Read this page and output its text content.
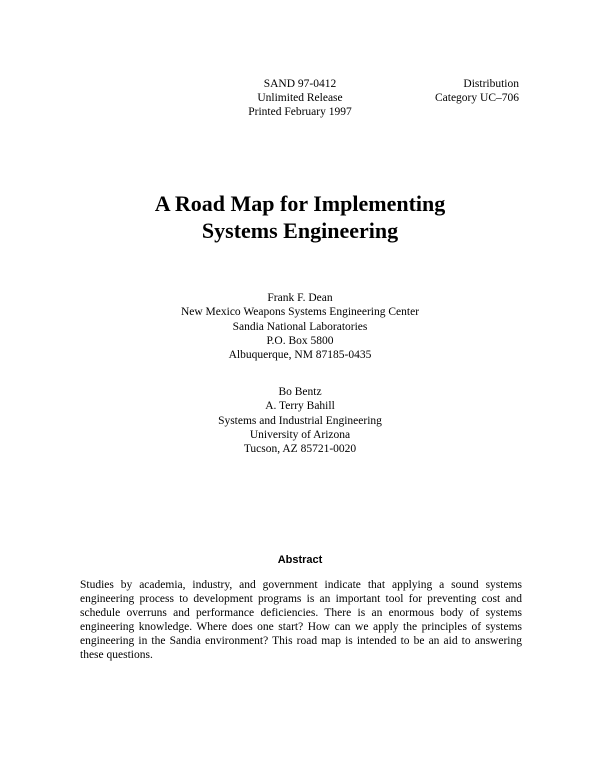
SAND 97-0412
Unlimited Release
Printed February 1997
Distribution
Category UC–706
A Road Map for Implementing
Systems Engineering
Frank F. Dean
New Mexico Weapons Systems Engineering Center
Sandia National Laboratories
P.O. Box 5800
Albuquerque, NM 87185-0435
Bo Bentz
A. Terry Bahill
Systems and Industrial Engineering
University of Arizona
Tucson, AZ 85721-0020
Abstract
Studies by academia, industry, and government indicate that applying a sound systems engineering process to development programs is an important tool for preventing cost and schedule overruns and performance deficiencies. There is an enormous body of systems engineering knowledge. Where does one start? How can we apply the principles of systems engineering in the Sandia environment? This road map is intended to be an aid to answering these questions.
